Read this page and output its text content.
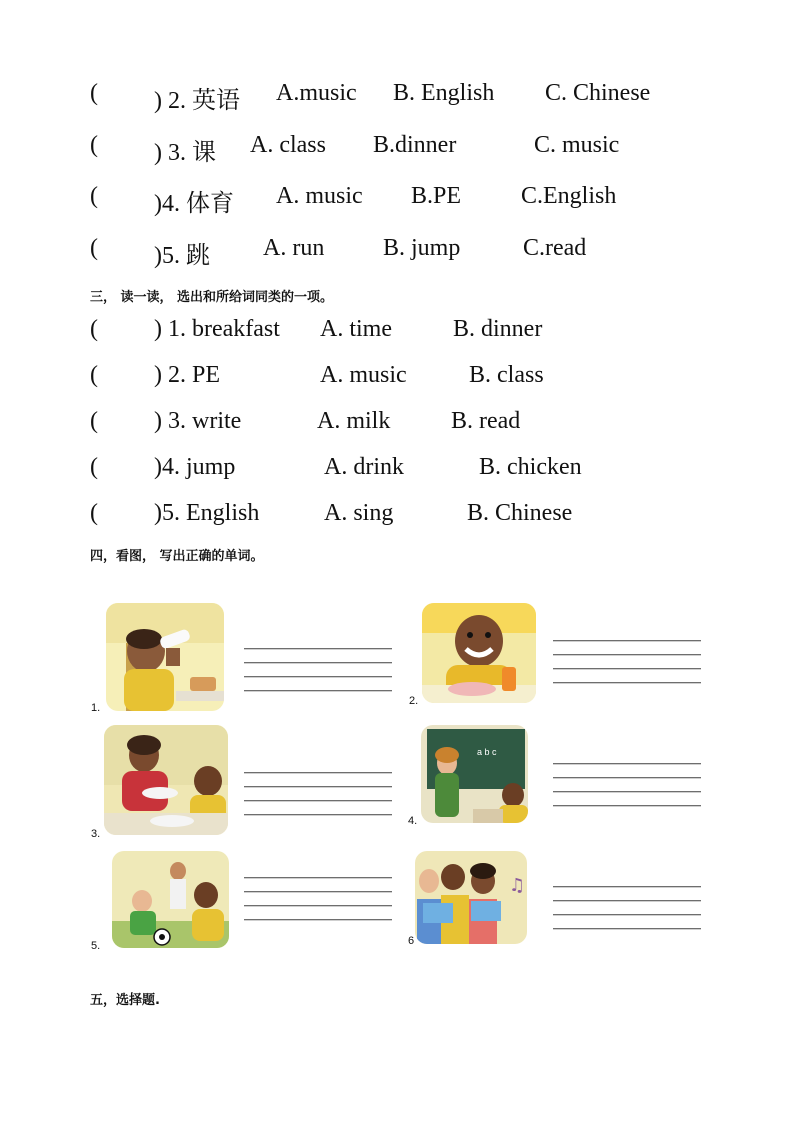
( ) 2. 英语 A.music B. English C. Chinese
( ) 3. 课 A. class B.dinner	C. music
( )4. 体育 A. music B.PE C.English
( )5. 跳 A. run B. jump	C.read
三， 读一读， 选出和所给词同类的一项。
( ) 1. breakfast A. time	B. dinner
( ) 2. PE	A. music	B. class
( ) 3. write	A. milk	B. read
( )4. jump	A. drink	B. chicken
( )5. English	A. sing	B. Chinese
四，看图， 写出正确的单词。
1.
2.
3.
a b c
4.
5.
♫
6
五，选择题.
